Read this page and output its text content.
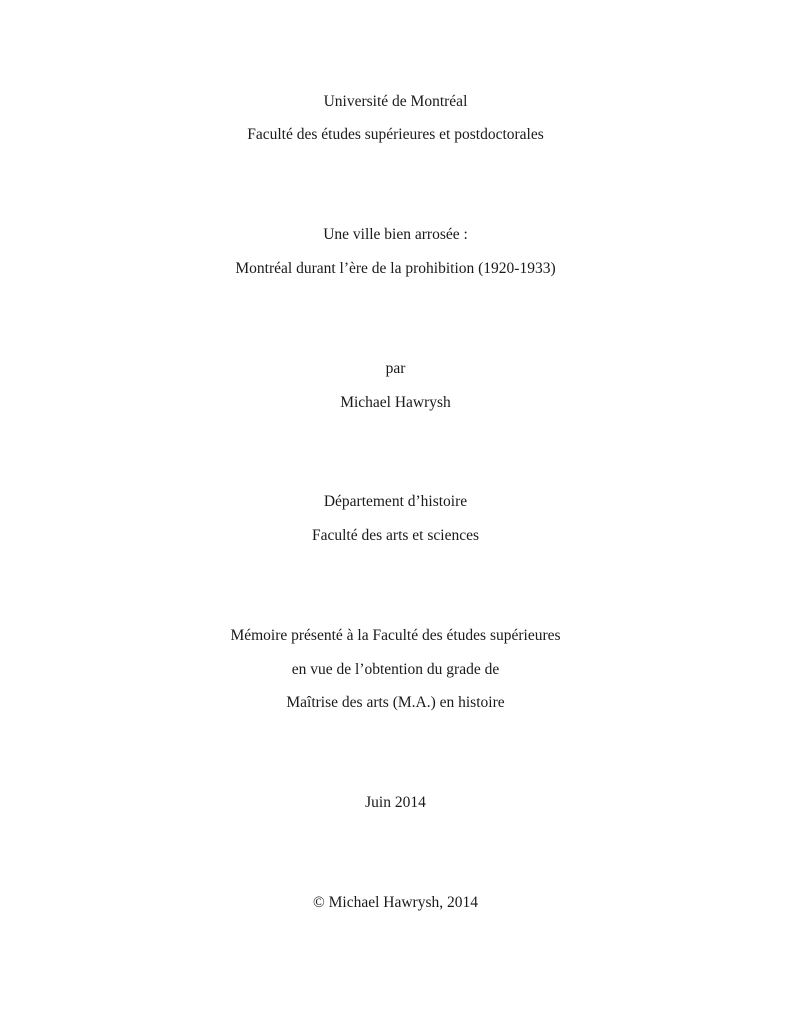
Université de Montréal
Faculté des études supérieures et postdoctorales
Une ville bien arrosée :
Montréal durant l’ère de la prohibition (1920-1933)
par
Michael Hawrysh
Département d’histoire
Faculté des arts et sciences
Mémoire présenté à la Faculté des études supérieures
en vue de l’obtention du grade de
Maîtrise des arts (M.A.) en histoire
Juin 2014
© Michael Hawrysh, 2014
